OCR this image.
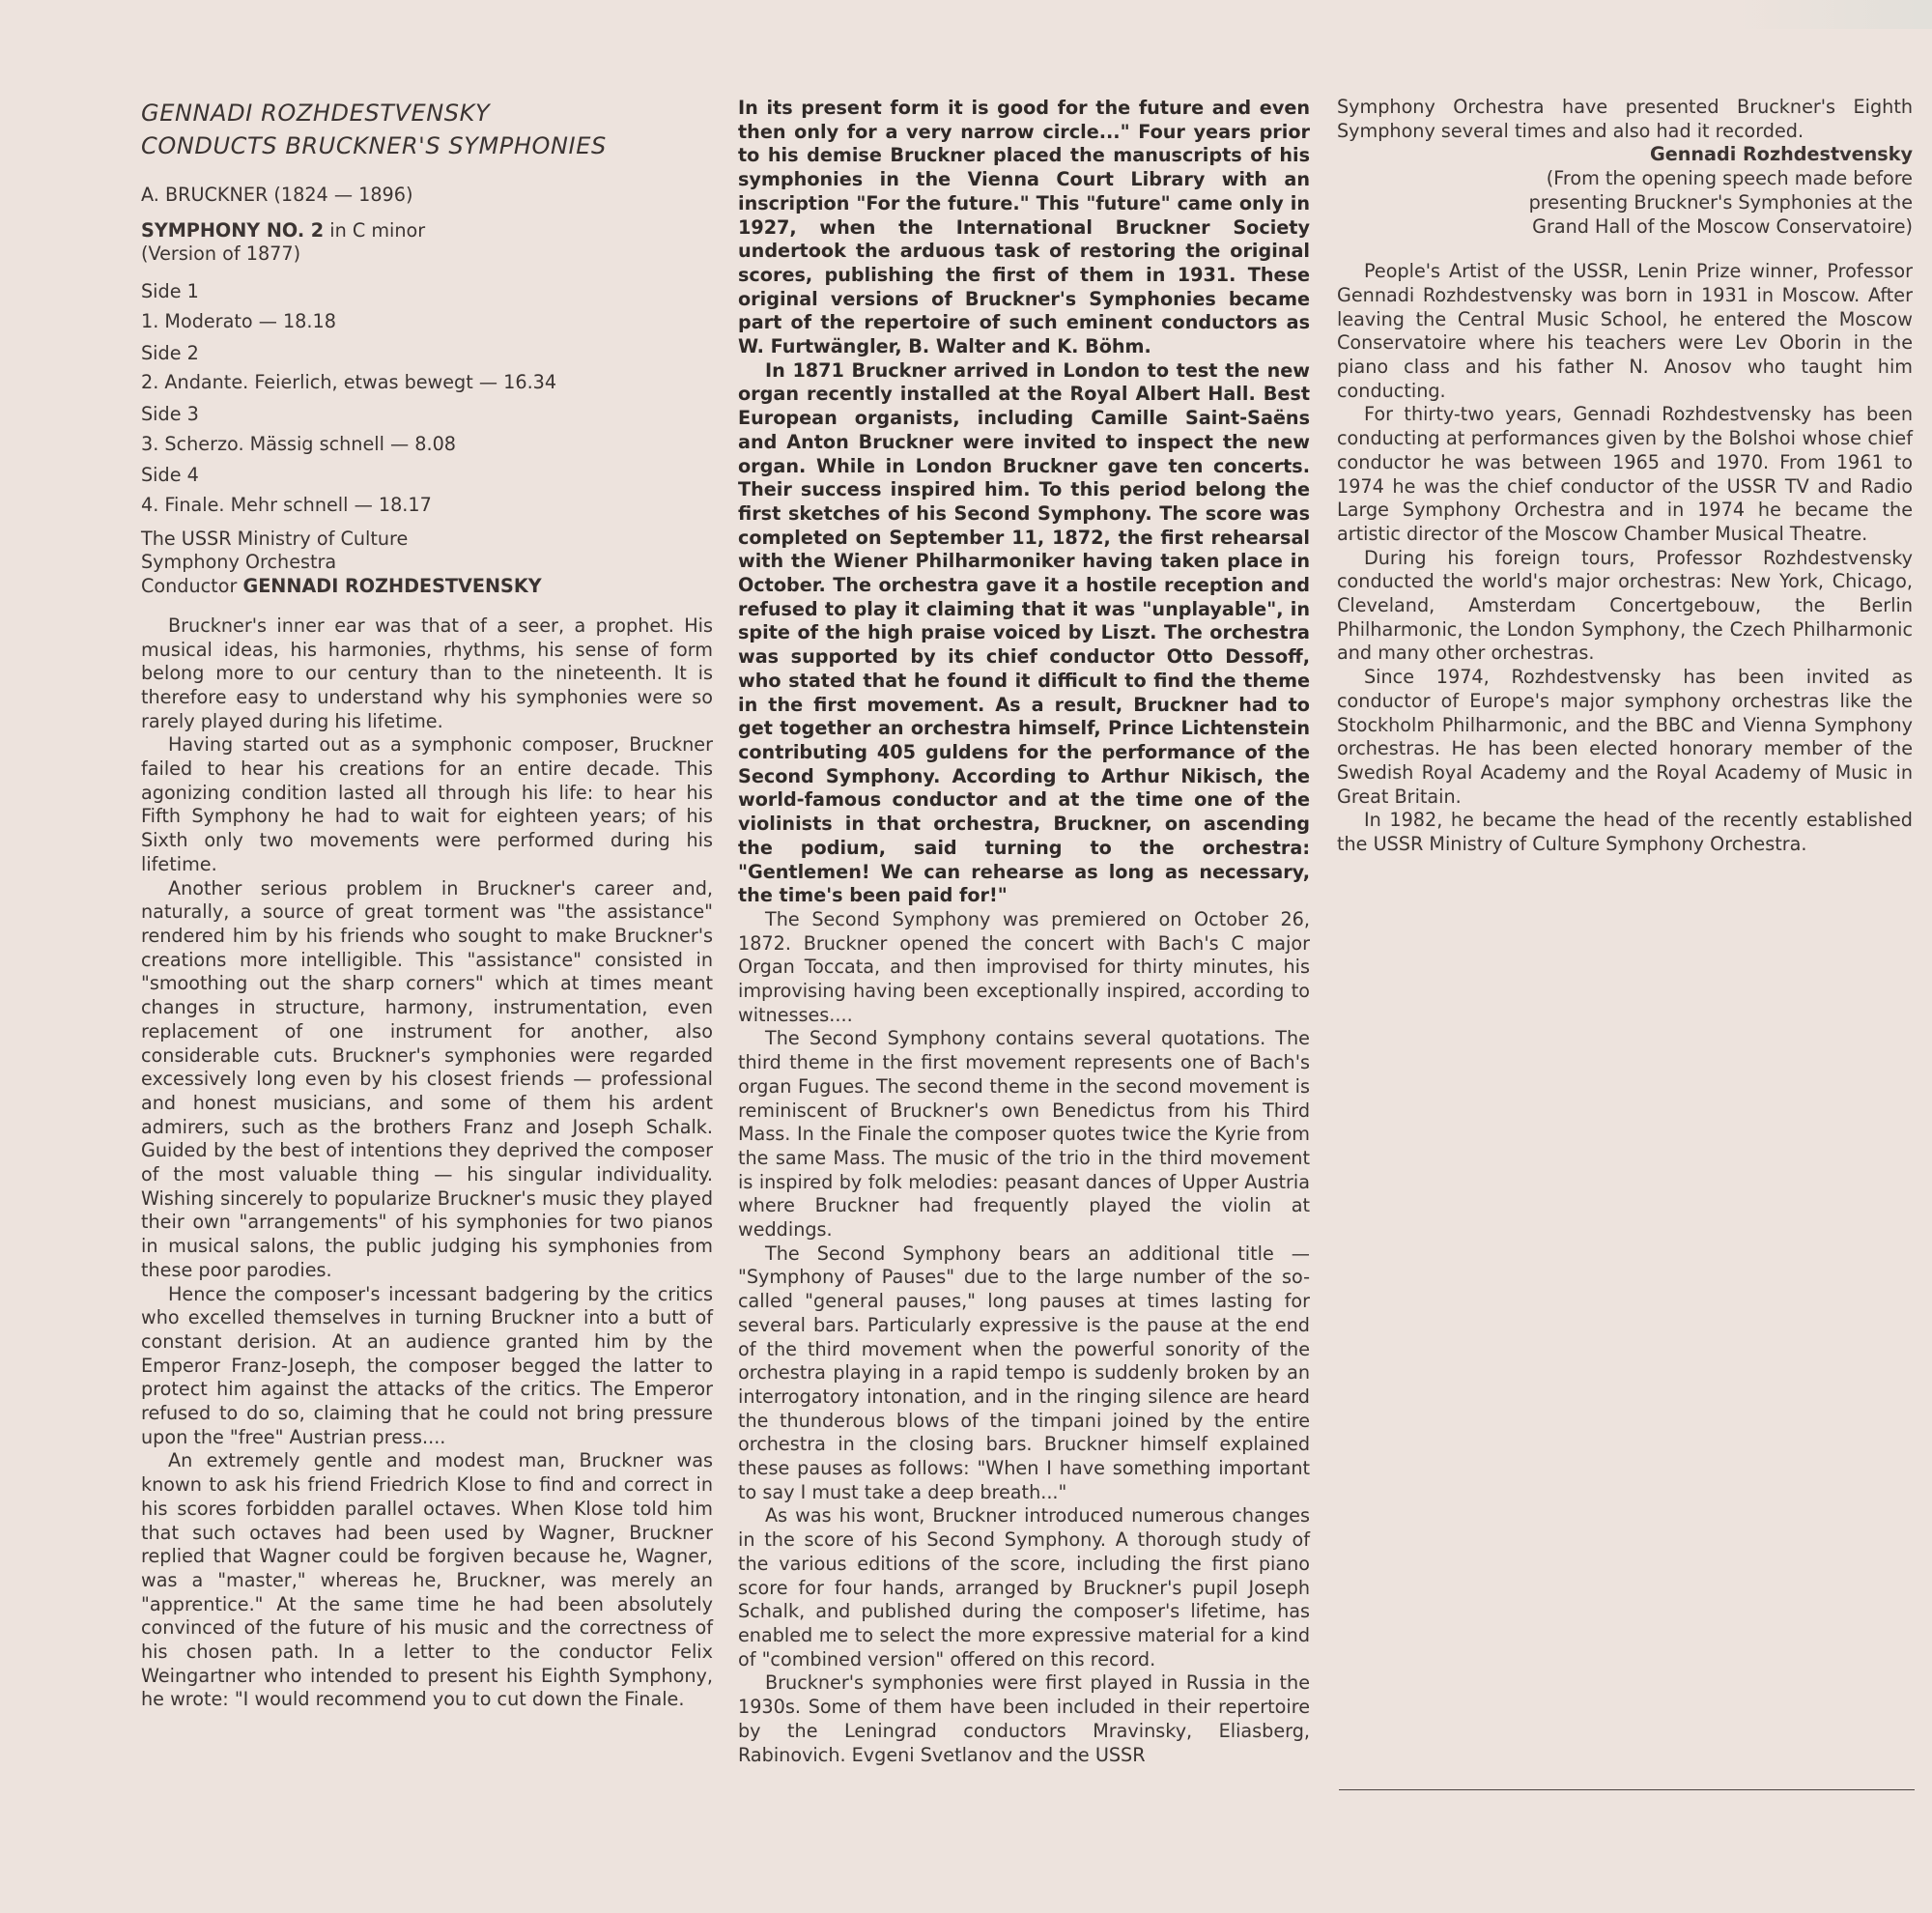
GENNADI ROZHDESTVENSKY
CONDUCTS BRUCKNER'S SYMPHONIES
A. BRUCKNER (1824 — 1896)
SYMPHONY NO. 2 in C minor
(Version of 1877)
Side 1
1. Moderato — 18.18
Side 2
2. Andante. Feierlich, etwas bewegt — 16.34
Side 3
3. Scherzo. Mässig schnell — 8.08
Side 4
4. Finale. Mehr schnell — 18.17
The USSR Ministry of Culture
Symphony Orchestra
Conductor GENNADI ROZHDESTVENSKY

Bruckner's inner ear was that of a seer, a prophet. His musical ideas, his harmonies, rhythms, his sense of form belong more to our century than to the nineteenth. It is therefore easy to understand why his symphonies were so rarely played during his lifetime.

Having started out as a symphonic composer, Bruckner failed to hear his creations for an entire decade. This agonizing condition lasted all through his life: to hear his Fifth Symphony he had to wait for eighteen years; of his Sixth only two movements were performed during his lifetime.

Another serious problem in Bruckner's career and, naturally, a source of great torment was "the assistance" rendered him by his friends who sought to make Bruckner's creations more intelligible. This "assistance" consisted in "smoothing out the sharp corners" which at times meant changes in structure, harmony, instrumentation, even replacement of one instrument for another, also considerable cuts. Bruckner's symphonies were regarded excessively long even by his closest friends — professional and honest musicians, and some of them his ardent admirers, such as the brothers Franz and Joseph Schalk. Guided by the best of intentions they deprived the composer of the most valuable thing — his singular individuality. Wishing sincerely to popularize Bruckner's music they played their own "arrangements" of his symphonies for two pianos in musical salons, the public judging his symphonies from these poor parodies.

Hence the composer's incessant badgering by the critics who excelled themselves in turning Bruckner into a butt of constant derision. At an audience granted him by the Emperor Franz-Joseph, the composer begged the latter to protect him against the attacks of the critics. The Emperor refused to do so, claiming that he could not bring pressure upon the "free" Austrian press....

An extremely gentle and modest man, Bruckner was known to ask his friend Friedrich Klose to find and correct in his scores forbidden parallel octaves. When Klose told him that such octaves had been used by Wagner, Bruckner replied that Wagner could be forgiven because he, Wagner, was a "master," whereas he, Bruckner, was merely an "apprentice." At the same time he had been absolutely convinced of the future of his music and the correctness of his chosen path. In a letter to the conductor Felix Weingartner who intended to present his Eighth Symphony, he wrote: "I would recommend you to cut down the Finale.

In its present form it is good for the future and even then only for a very narrow circle..." Four years prior to his demise Bruckner placed the manuscripts of his symphonies in the Vienna Court Library with an inscription "For the future." This "future" came only in 1927, when the International Bruckner Society undertook the arduous task of restoring the original scores, publishing the first of them in 1931. These original versions of Bruckner's Symphonies became part of the repertoire of such eminent conductors as W. Furtwängler, B. Walter and K. Böhm.

In 1871 Bruckner arrived in London to test the new organ recently installed at the Royal Albert Hall. Best European organists, including Camille Saint-Saëns and Anton Bruckner were invited to inspect the new organ. While in London Bruckner gave ten concerts. Their success inspired him. To this period belong the first sketches of his Second Symphony. The score was completed on September 11, 1872, the first rehearsal with the Wiener Philharmoniker having taken place in October. The orchestra gave it a hostile reception and refused to play it claiming that it was "unplayable", in spite of the high praise voiced by Liszt. The orchestra was supported by its chief conductor Otto Dessoff, who stated that he found it difficult to find the theme in the first movement. As a result, Bruckner had to get together an orchestra himself, Prince Lichtenstein contributing 405 guldens for the performance of the Second Symphony. According to Arthur Nikisch, the world-famous conductor and at the time one of the violinists in that orchestra, Bruckner, on ascending the podium, said turning to the orchestra: "Gentlemen! We can rehearse as long as necessary, the time's been paid for!"

The Second Symphony was premiered on October 26, 1872. Bruckner opened the concert with Bach's C major Organ Toccata, and then improvised for thirty minutes, his improvising having been exceptionally inspired, according to witnesses....

The Second Symphony contains several quotations. The third theme in the first movement represents one of Bach's organ Fugues. The second theme in the second movement is reminiscent of Bruckner's own Benedictus from his Third Mass. In the Finale the composer quotes twice the Kyrie from the same Mass. The music of the trio in the third movement is inspired by folk melodies: peasant dances of Upper Austria where Bruckner had frequently played the violin at weddings.

The Second Symphony bears an additional title — "Symphony of Pauses" due to the large number of the so-called "general pauses," long pauses at times lasting for several bars. Particularly expressive is the pause at the end of the third movement when the powerful sonority of the orchestra playing in a rapid tempo is suddenly broken by an interrogatory intonation, and in the ringing silence are heard the thunderous blows of the timpani joined by the entire orchestra in the closing bars. Bruckner himself explained these pauses as follows: "When I have something important to say I must take a deep breath..."

As was his wont, Bruckner introduced numerous changes in the score of his Second Symphony. A thorough study of the various editions of the score, including the first piano score for four hands, arranged by Bruckner's pupil Joseph Schalk, and published during the composer's lifetime, has enabled me to select the more expressive material for a kind of "combined version" offered on this record.

Bruckner's symphonies were first played in Russia in the 1930s. Some of them have been included in their repertoire by the Leningrad conductors Mravinsky, Eliasberg, Rabinovich. Evgeni Svetlanov and the USSR

Symphony Orchestra have presented Bruckner's Eighth Symphony several times and also had it recorded.

Gennadi Rozhdestvensky

(From the opening speech made before
presenting Bruckner's Symphonies at the
Grand Hall of the Moscow Conservatoire)

People's Artist of the USSR, Lenin Prize winner, Professor Gennadi Rozhdestvensky was born in 1931 in Moscow. After leaving the Central Music School, he entered the Moscow Conservatoire where his teachers were Lev Oborin in the piano class and his father N. Anosov who taught him conducting.

For thirty-two years, Gennadi Rozhdestvensky has been conducting at performances given by the Bolshoi whose chief conductor he was between 1965 and 1970. From 1961 to 1974 he was the chief conductor of the USSR TV and Radio Large Symphony Orchestra and in 1974 he became the artistic director of the Moscow Chamber Musical Theatre.

During his foreign tours, Professor Rozhdestvensky conducted the world's major orchestras: New York, Chicago, Cleveland, Amsterdam Concertgebouw, the Berlin Philharmonic, the London Symphony, the Czech Philharmonic and many other orchestras.

Since 1974, Rozhdestvensky has been invited as conductor of Europe's major symphony orchestras like the Stockholm Philharmonic, and the BBC and Vienna Symphony orchestras. He has been elected honorary member of the Swedish Royal Academy and the Royal Academy of Music in Great Britain.

In 1982, he became the head of the recently established the USSR Ministry of Culture Symphony Orchestra.
